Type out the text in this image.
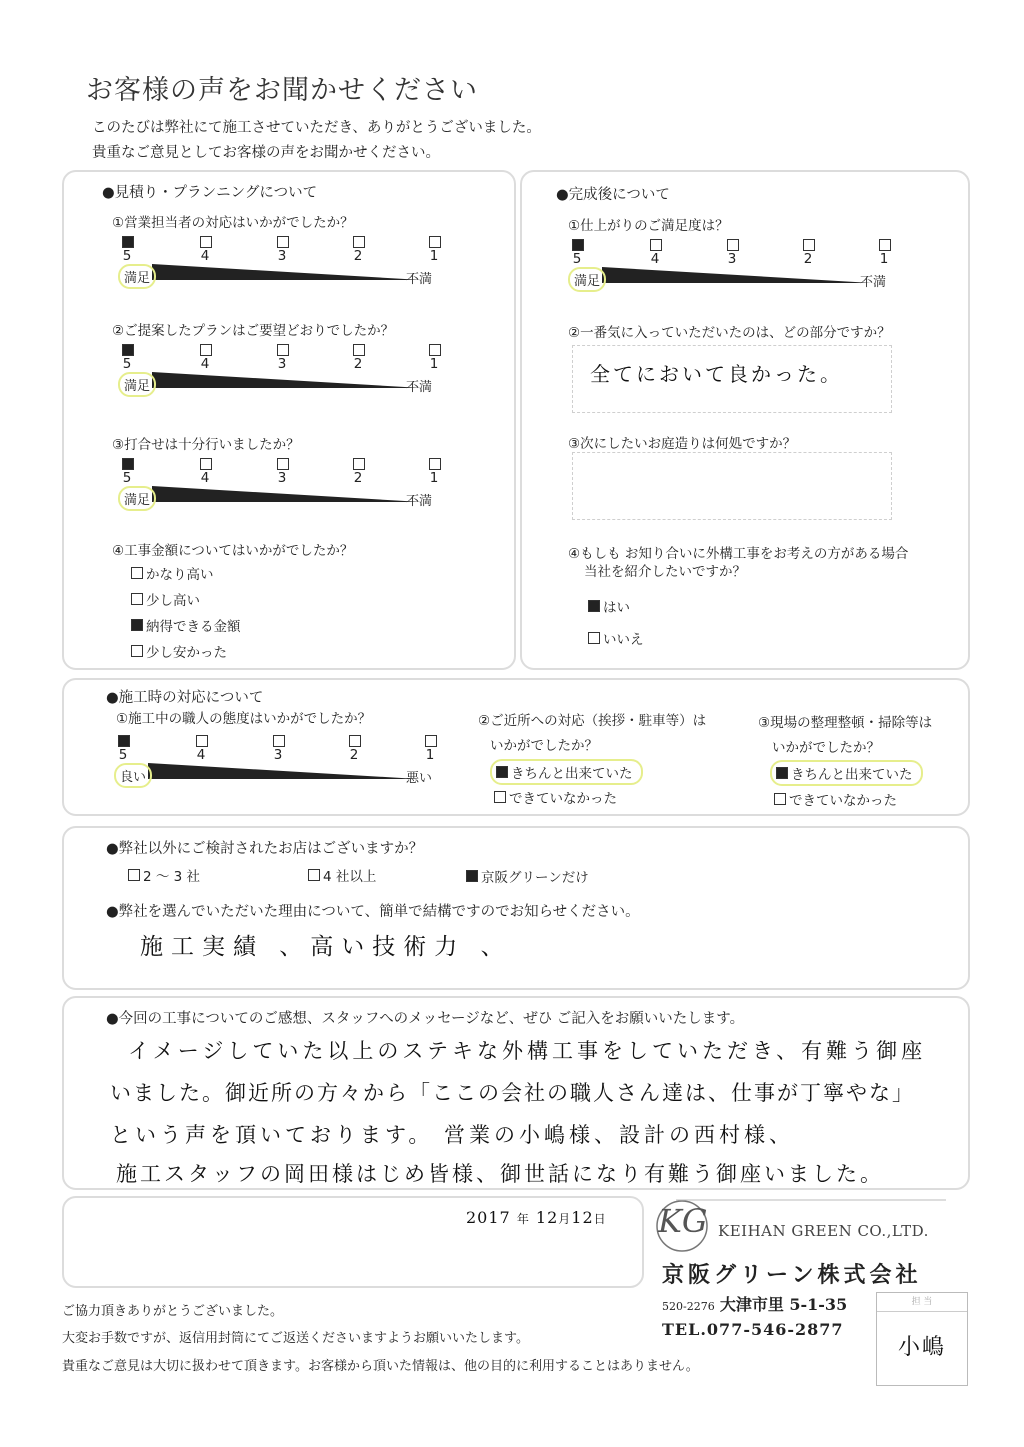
お客様の声をお聞かせください
このたびは弊社にて施工させていただき、ありがとうございました。
貴重なご意見としてお客様の声をお聞かせください。
●見積り・プランニングについて
①営業担当者の対応はいかがでしたか？
5	4	3	2	1
満足	不満
②ご提案したプランはご要望どおりでしたか？
5	4	3	2	1
満足	不満
③打合せは十分行いましたか？
5	4	3	2	1
満足	不満
④工事金額についてはいかがでしたか？
かなり高い
少し高い
納得できる金額
少し安かった
●完成後について
①仕上がりのご満足度は？
5	4	3	2	1
満足	不満
②一番気に入っていただいたのは、どの部分ですか？
全てにおいて良かった。
③次にしたいお庭造りは何処ですか？
④もしも お知り合いに外構工事をお考えの方がある場合
当社を紹介したいですか？
はい
いいえ
●施工時の対応について
①施工中の職人の態度はいかがでしたか？
5	4	3	2	1
良い	悪い
②ご近所への対応（挨拶・駐車等）は
いかがでしたか？
きちんと出来ていた
できていなかった
③現場の整理整頓・掃除等は
いかがでしたか？
きちんと出来ていた
できていなかった
●弊社以外にご検討されたお店はございますか？
2 ～ 3 社	4 社以上	京阪グリーンだけ
●弊社を選んでいただいた理由について、簡単で結構ですのでお知らせください。
施工実績 、高い技術力 、
●今回の工事についてのご感想、スタッフへのメッセージなど、ぜひ ご記入をお願いいたします。
イメージしていた以上のステキな外構工事をしていただき、有難う御座
いました。御近所の方々から「ここの会社の職人さん達は、仕事が丁寧やな」
という声を頂いております。 営業の小嶋様、設計の西村様、
施工スタッフの岡田様はじめ皆様、御世話になり有難う御座いました。
2017 年 12月12日 KG KEIHAN GREEN CO.,LTD.
京阪グリーン株式会社
520-2276 大津市里 5-1-35
TEL.077-546-2877
担 当
小嶋
ご協力頂きありがとうございました。
大変お手数ですが、返信用封筒にてご返送くださいますようお願いいたします。
貴重なご意見は大切に扱わせて頂きます。お客様から頂いた情報は、他の目的に利用することはありません。
